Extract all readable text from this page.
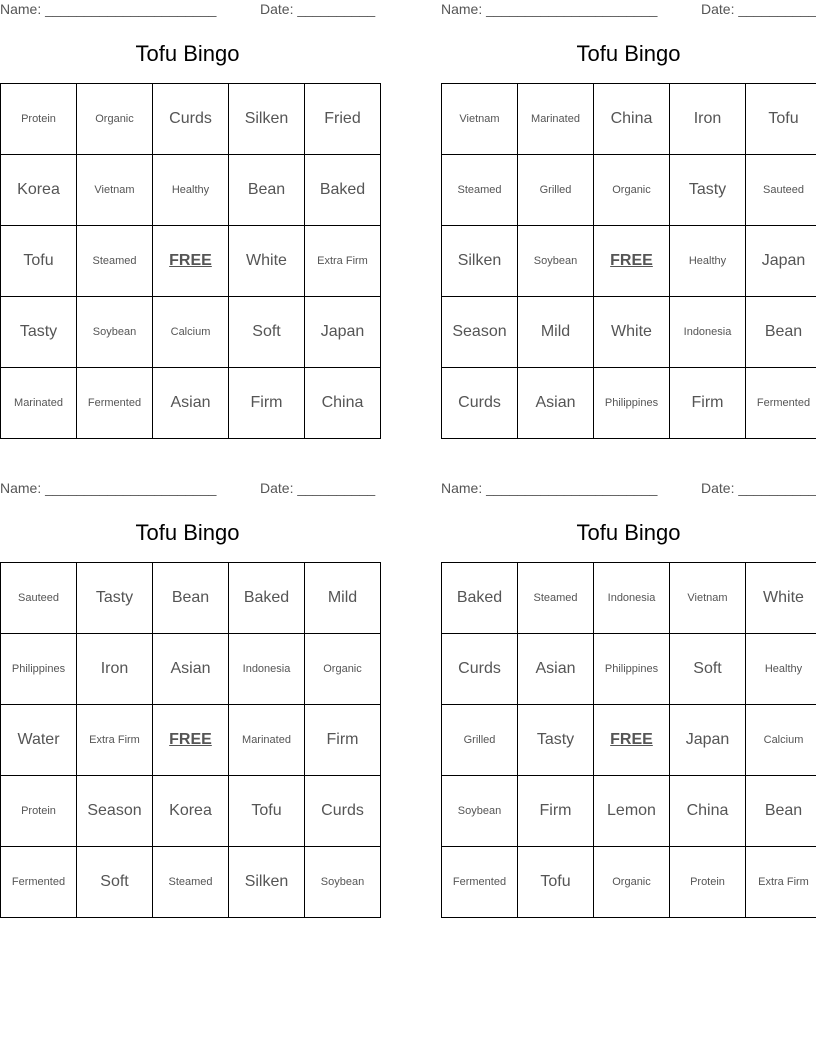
Name: ______________________	Date: __________
Tofu Bingo
Protein	Organic	Curds	Silken	Fried
Korea	Vietnam	Healthy	Bean	Baked
Tofu	Steamed	FREE	White	Extra Firm
Tasty	Soybean	Calcium	Soft	Japan
Marinated	Fermented	Asian	Firm	China
Name: ______________________	Date: __________
Tofu Bingo
Vietnam	Marinated	China	Iron	Tofu
Steamed	Grilled	Organic	Tasty	Sauteed
Silken	Soybean	FREE	Healthy	Japan
Season	Mild	White	Indonesia	Bean
Curds	Asian	Philippines	Firm	Fermented
Name: ______________________	Date: __________
Tofu Bingo
Sauteed	Tasty	Bean	Baked	Mild
Philippines	Iron	Asian	Indonesia	Organic
Water	Extra Firm	FREE	Marinated	Firm
Protein	Season	Korea	Tofu	Curds
Fermented	Soft	Steamed	Silken	Soybean
Name: ______________________	Date: __________
Tofu Bingo
Baked	Steamed	Indonesia	Vietnam	White
Curds	Asian	Philippines	Soft	Healthy
Grilled	Tasty	FREE	Japan	Calcium
Soybean	Firm	Lemon	China	Bean
Fermented	Tofu	Organic	Protein	Extra Firm
